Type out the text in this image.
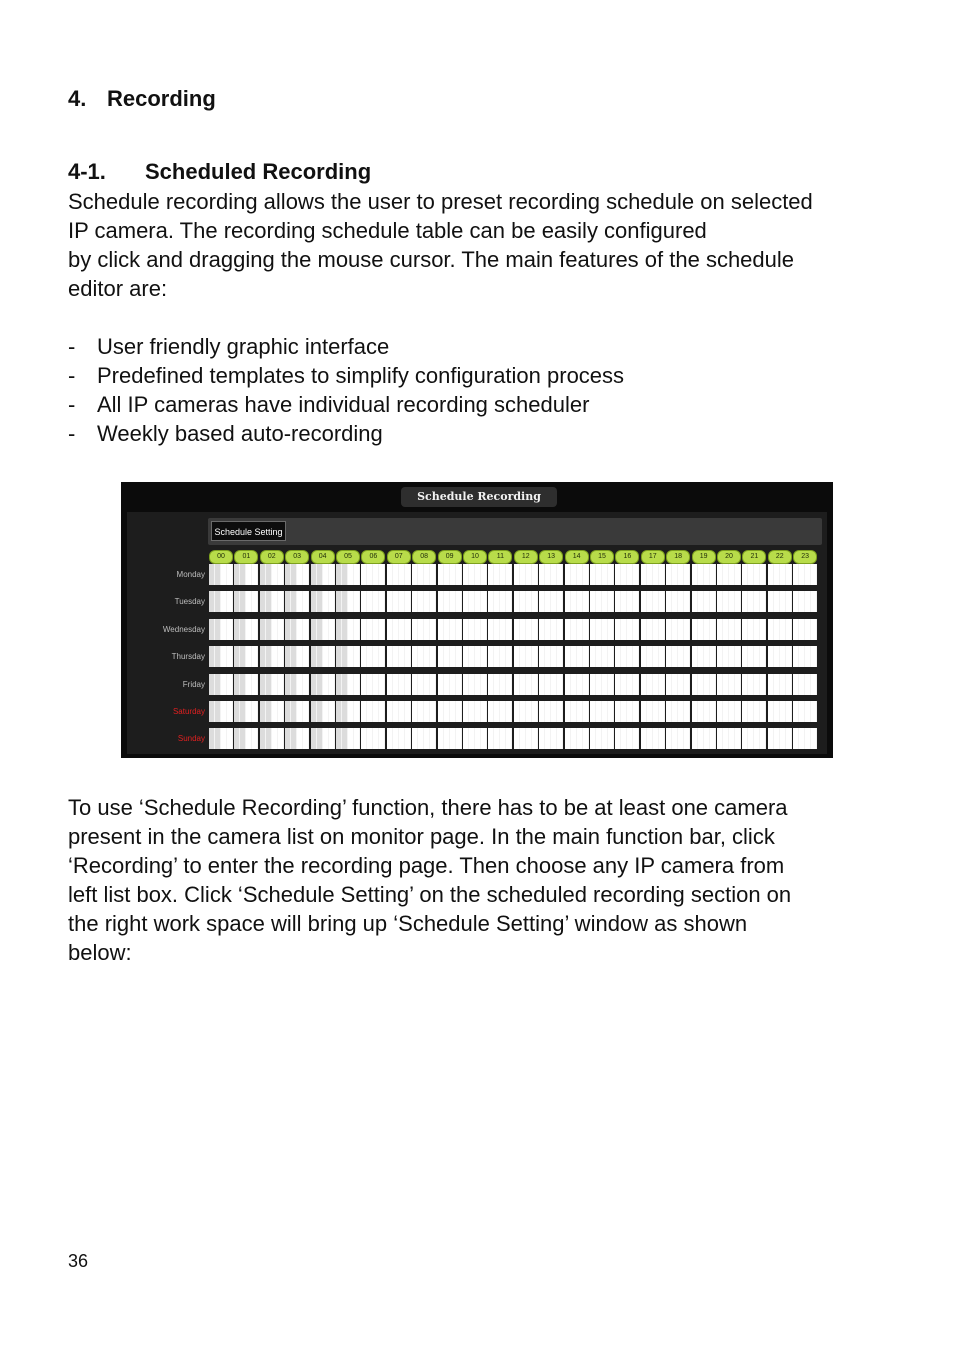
4. Recording
4-1. Scheduled Recording

Schedule recording allows the user to preset recording schedule on selected
IP camera. The recording schedule table can be easily configured
by click and dragging the mouse cursor. The main features of the schedule
editor are:

- User friendly graphic interface
- Predefined templates to simplify configuration process
- All IP cameras have individual recording scheduler
- Weekly based auto-recording
Schedule Recording
Schedule Setting
00	01	02	03	04	05	06	07	08	09	10	11	12	13	14	15	16	17	18	19	20	21	22	23
Monday
Tuesday
Wednesday
Thursday
Friday
Saturday
Sunday

To use ‘Schedule Recording’ function, there has to be at least one camera
present in the camera list on monitor page. In the main function bar, click
‘Recording’ to enter the recording page. Then choose any IP camera from
left list box. Click ‘Schedule Setting’ on the scheduled recording section on
the right work space will bring up ‘Schedule Setting’ window as shown
below:

36
